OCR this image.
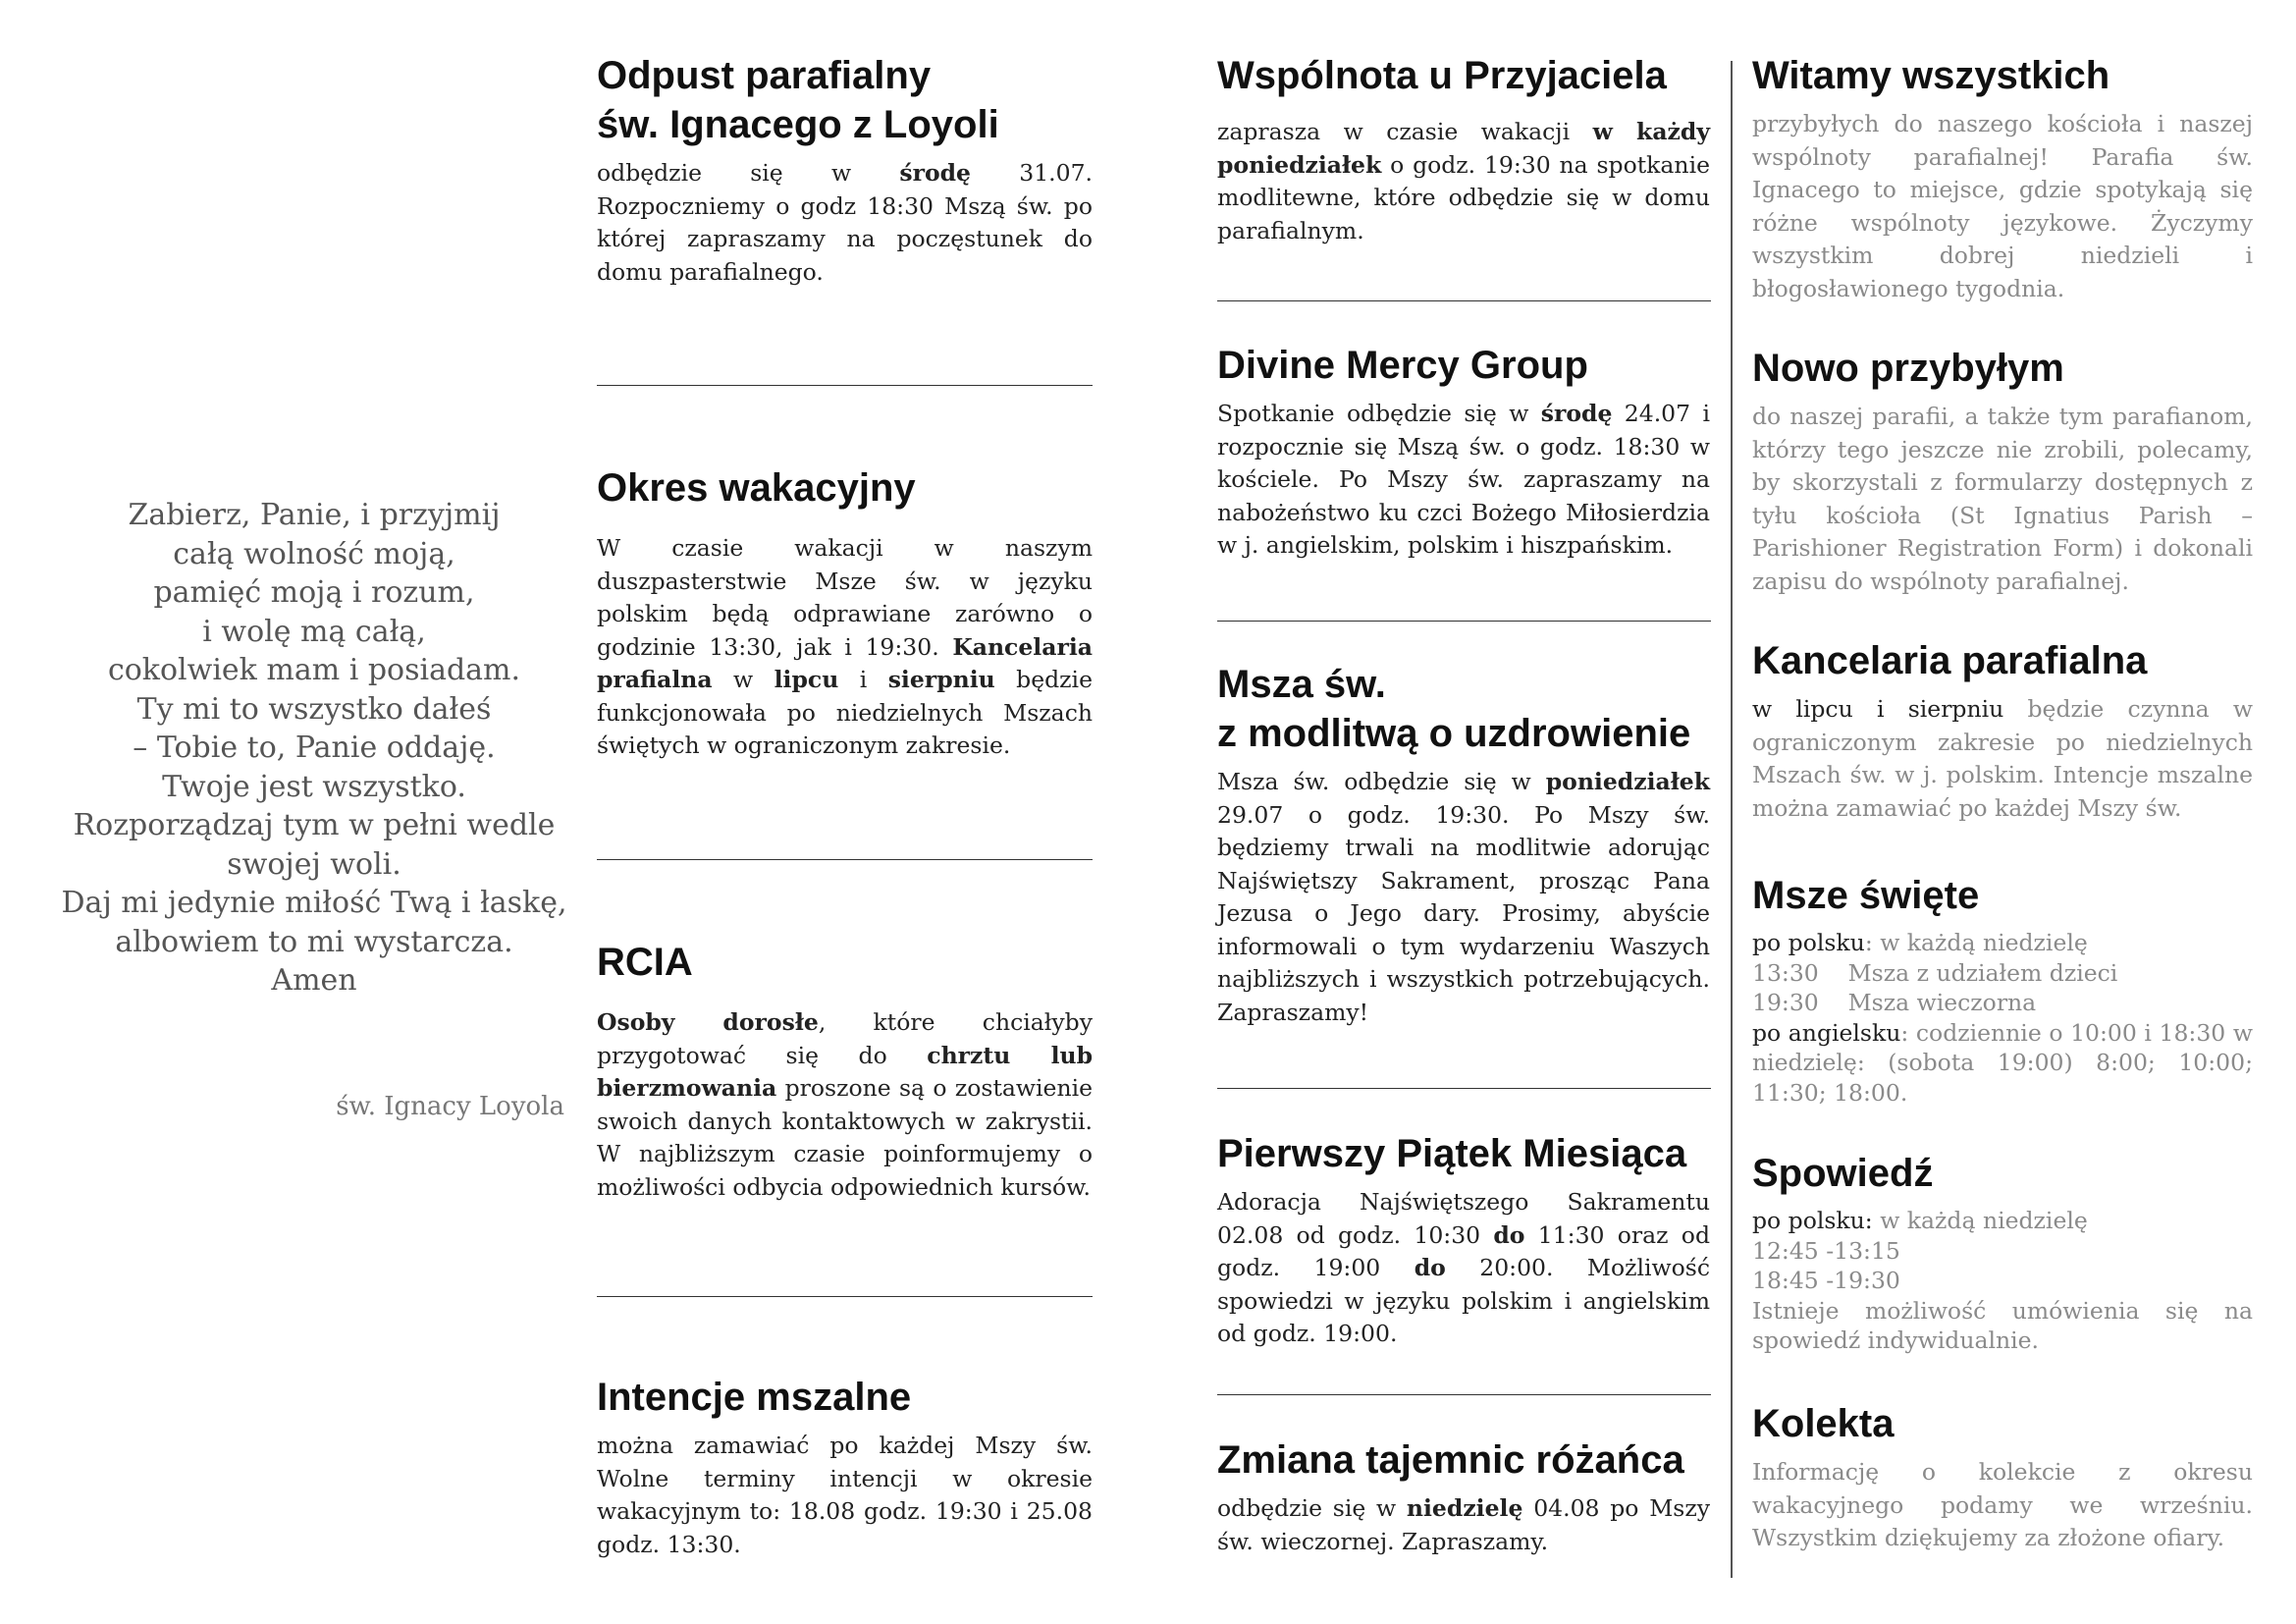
Zabierz, Panie, i przyjmij
całą wolność moją,
pamięć moją i rozum,
i wolę mą całą,
cokolwiek mam i posiadam.
Ty mi to wszystko dałeś
– Tobie to, Panie oddaję.
Twoje jest wszystko.
Rozporządzaj tym w pełni wedle
swojej woli.
Daj mi jedynie miłość Twą i łaskę,
albowiem to mi wystarcza.
Amen
św. Ignacy Loyola
Odpust parafialny
św. Ignacego z Loyoli

odbędzie się w środę 31.07. Rozpoczniemy o godz 18:30 Mszą św. po której zapraszamy na poczęstunek do domu parafialnego.

Okres wakacyjny

W czasie wakacji w naszym duszpasterstwie Msze św. w języku polskim będą odprawiane zarówno o godzinie 13:30, jak i 19:30. Kancelaria prafialna w lipcu i sierpniu będzie funkcjonowała po niedzielnych Mszach świętych w ograniczonym zakresie.

RCIA

Osoby dorosłe, które chciałyby przygotować się do chrztu lub bierzmowania proszone są o zostawienie swoich danych kontaktowych w zakrystii. W najbliższym czasie poinformujemy o możliwości odbycia odpowiednich kursów.

Intencje mszalne

można zamawiać po każdej Mszy św. Wolne terminy intencji w okresie wakacyjnym to: 18.08 godz. 19:30 i 25.08 godz. 13:30.

Wspólnota u Przyjaciela

zaprasza w czasie wakacji w każdy poniedziałek o godz. 19:30 na spotkanie modlitewne, które odbędzie się w domu parafialnym.

Divine Mercy Group

Spotkanie odbędzie się w środę 24.07 i rozpocznie się Mszą św. o godz. 18:30 w kościele. Po Mszy św. zapraszamy na nabożeństwo ku czci Bożego Miłosierdzia w j. angielskim, polskim i hiszpańskim.

Msza św.
z modlitwą o uzdrowienie

Msza św. odbędzie się w poniedziałek 29.07 o godz. 19:30. Po Mszy św. będziemy trwali na modlitwie adorując Najświętszy Sakrament, prosząc Pana Jezusa o Jego dary. Prosimy, abyście informowali o tym wydarzeniu Waszych najbliższych i wszystkich potrzebujących. Zapraszamy!

Pierwszy Piątek Miesiąca

Adoracja Najświętszego Sakramentu 02.08 od godz. 10:30 do 11:30 oraz od godz. 19:00 do 20:00. Możliwość spowiedzi w języku polskim i angielskim od godz. 19:00.

Zmiana tajemnic różańca

odbędzie się w niedzielę 04.08 po Mszy św. wieczornej. Zapraszamy.

Witamy wszystkich

przybyłych do naszego kościoła i naszej wspólnoty parafialnej! Parafia św. Ignacego to miejsce, gdzie spotykają się różne wspólnoty językowe. Życzymy wszystkim dobrej niedzieli i błogosławionego tygodnia.

Nowo przybyłym

do naszej parafii, a także tym parafianom, którzy tego jeszcze nie zrobili, polecamy, by skorzystali z formularzy dostępnych z tyłu kościoła (St Ignatius Parish – Parishioner Registration Form) i dokonali zapisu do wspólnoty parafialnej.

Kancelaria parafialna

w lipcu i sierpniu będzie czynna w ograniczonym zakresie po niedzielnych Mszach św. w j. polskim. Intencje mszalne można zamawiać po każdej Mszy św.

Msze święte

po polsku: w każdą niedzielę
13:30    Msza z udziałem dzieci
19:30    Msza wieczorna
po angielsku: codziennie o 10:00 i 18:30 w niedzielę: (sobota 19:00) 8:00; 10:00; 11:30; 18:00.

Spowiedź

po polsku: w każdą niedzielę
12:45 -13:15
18:45 -19:30
Istnieje możliwość umówienia się na spowiedź indywidualnie.

Kolekta

Informację o kolekcie z okresu wakacyjnego podamy we wrześniu. Wszystkim dziękujemy za złożone ofiary.
